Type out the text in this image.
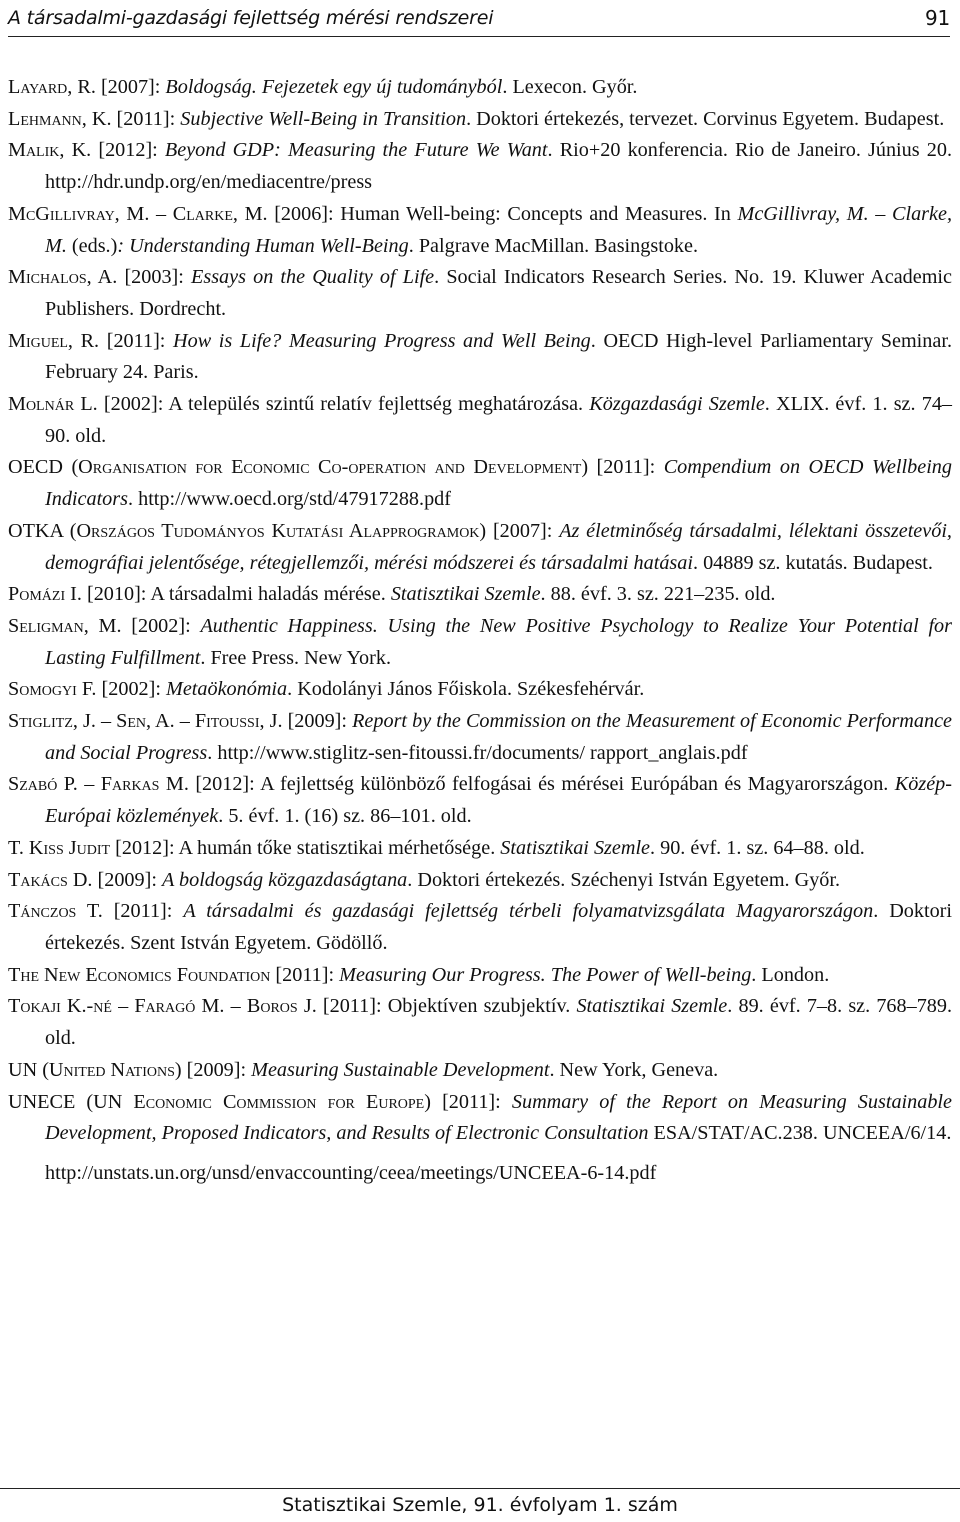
A társadalmi-gazdasági fejlettség mérési rendszerei	91

Layard, R. [2007]: Boldogság. Fejezetek egy új tudományból. Lexecon. Győr.

Lehmann, K. [2011]: Subjective Well-Being in Transition. Doktori értekezés, tervezet. Corvinus Egyetem. Budapest.

Malik, K. [2012]: Beyond GDP: Measuring the Future We Want. Rio+20 konferencia. Rio de Janeiro. Június 20. http://hdr.undp.org/en/mediacentre/press

McGillivray, M. – Clarke, M. [2006]: Human Well-being: Concepts and Measures. In McGillivray, M. – Clarke, M. (eds.): Understanding Human Well-Being. Palgrave MacMillan. Basingstoke.

Michalos, A. [2003]: Essays on the Quality of Life. Social Indicators Research Series. No. 19. Kluwer Academic Publishers. Dordrecht.

Miguel, R. [2011]: How is Life? Measuring Progress and Well Being. OECD High-level Parliamentary Seminar. February 24. Paris.

Molnár L. [2002]: A település szintű relatív fejlettség meghatározása. Közgazdasági Szemle. XLIX. évf. 1. sz. 74–90. old.

OECD (Organisation for Economic Co-operation and Development) [2011]: Compendium on OECD Wellbeing Indicators. http://www.oecd.org/std/47917288.pdf

OTKA (Országos Tudományos Kutatási Alapprogramok) [2007]: Az életminőség társadalmi, lélektani összetevői, demográfiai jelentősége, rétegjellemzői, mérési módszerei és társadalmi hatásai. 04889 sz. kutatás. Budapest.

Pomázi I. [2010]: A társadalmi haladás mérése. Statisztikai Szemle. 88. évf. 3. sz. 221–235. old.

Seligman, M. [2002]: Authentic Happiness. Using the New Positive Psychology to Realize Your Potential for Lasting Fulfillment. Free Press. New York.

Somogyi F. [2002]: Metaökonómia. Kodolányi János Főiskola. Székesfehérvár.

Stiglitz, J. – Sen, A. – Fitoussi, J. [2009]: Report by the Commission on the Measurement of Economic Performance and Social Progress. http://www.stiglitz-sen-fitoussi.fr/documents/ rapport_anglais.pdf

Szabó P. – Farkas M. [2012]: A fejlettség különböző felfogásai és mérései Európában és Magyarországon. Közép-Európai közlemények. 5. évf. 1. (16) sz. 86–101. old.

T. Kiss Judit [2012]: A humán tőke statisztikai mérhetősége. Statisztikai Szemle. 90. évf. 1. sz. 64–88. old.

Takács D. [2009]: A boldogság közgazdaságtana. Doktori értekezés. Széchenyi István Egyetem. Győr.

Tánczos T. [2011]: A társadalmi és gazdasági fejlettség térbeli folyamatvizsgálata Magyarországon. Doktori értekezés. Szent István Egyetem. Gödöllő.

The New Economics Foundation [2011]: Measuring Our Progress. The Power of Well-being. London.

Tokaji K.-né – Faragó M. – Boros J. [2011]: Objektíven szubjektív. Statisztikai Szemle. 89. évf. 7–8. sz. 768–789. old.

UN (United Nations) [2009]: Measuring Sustainable Development. New York, Geneva.

UNECE (UN Economic Commission for Europe) [2011]: Summary of the Report on Measuring Sustainable Development, Proposed Indicators, and Results of Electronic Consultation ESA/STAT/AC.238. UNCEEA/6/14.

http://unstats.un.org/unsd/envaccounting/ceea/meetings/UNCEEA-6-14.pdf
Statisztikai Szemle, 91. évfolyam 1. szám
